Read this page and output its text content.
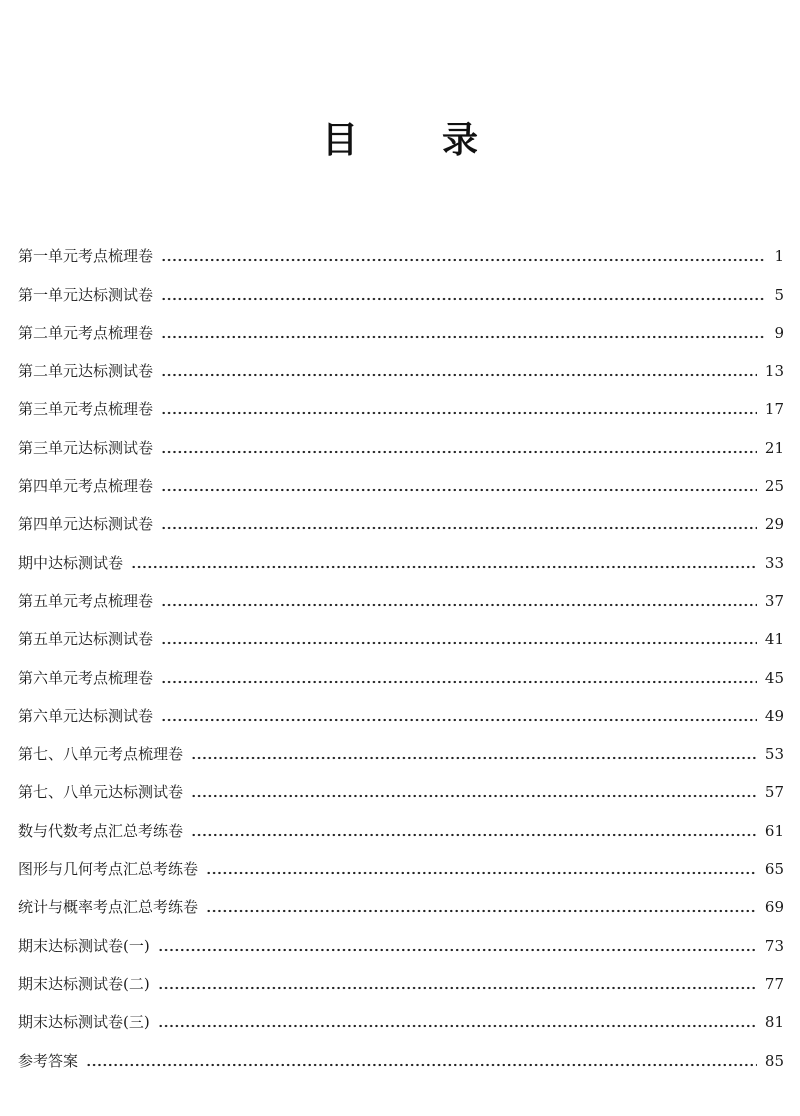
目 录
第一单元考点梳理卷	1
第一单元达标测试卷	5
第二单元考点梳理卷	9
第二单元达标测试卷	13
第三单元考点梳理卷	17
第三单元达标测试卷	21
第四单元考点梳理卷	25
第四单元达标测试卷	29
期中达标测试卷	33
第五单元考点梳理卷	37
第五单元达标测试卷	41
第六单元考点梳理卷	45
第六单元达标测试卷	49
第七、八单元考点梳理卷	53
第七、八单元达标测试卷	57
数与代数考点汇总考练卷	61
图形与几何考点汇总考练卷	65
统计与概率考点汇总考练卷	69
期末达标测试卷(一)	73
期末达标测试卷(二)	77
期末达标测试卷(三)	81
参考答案	85
